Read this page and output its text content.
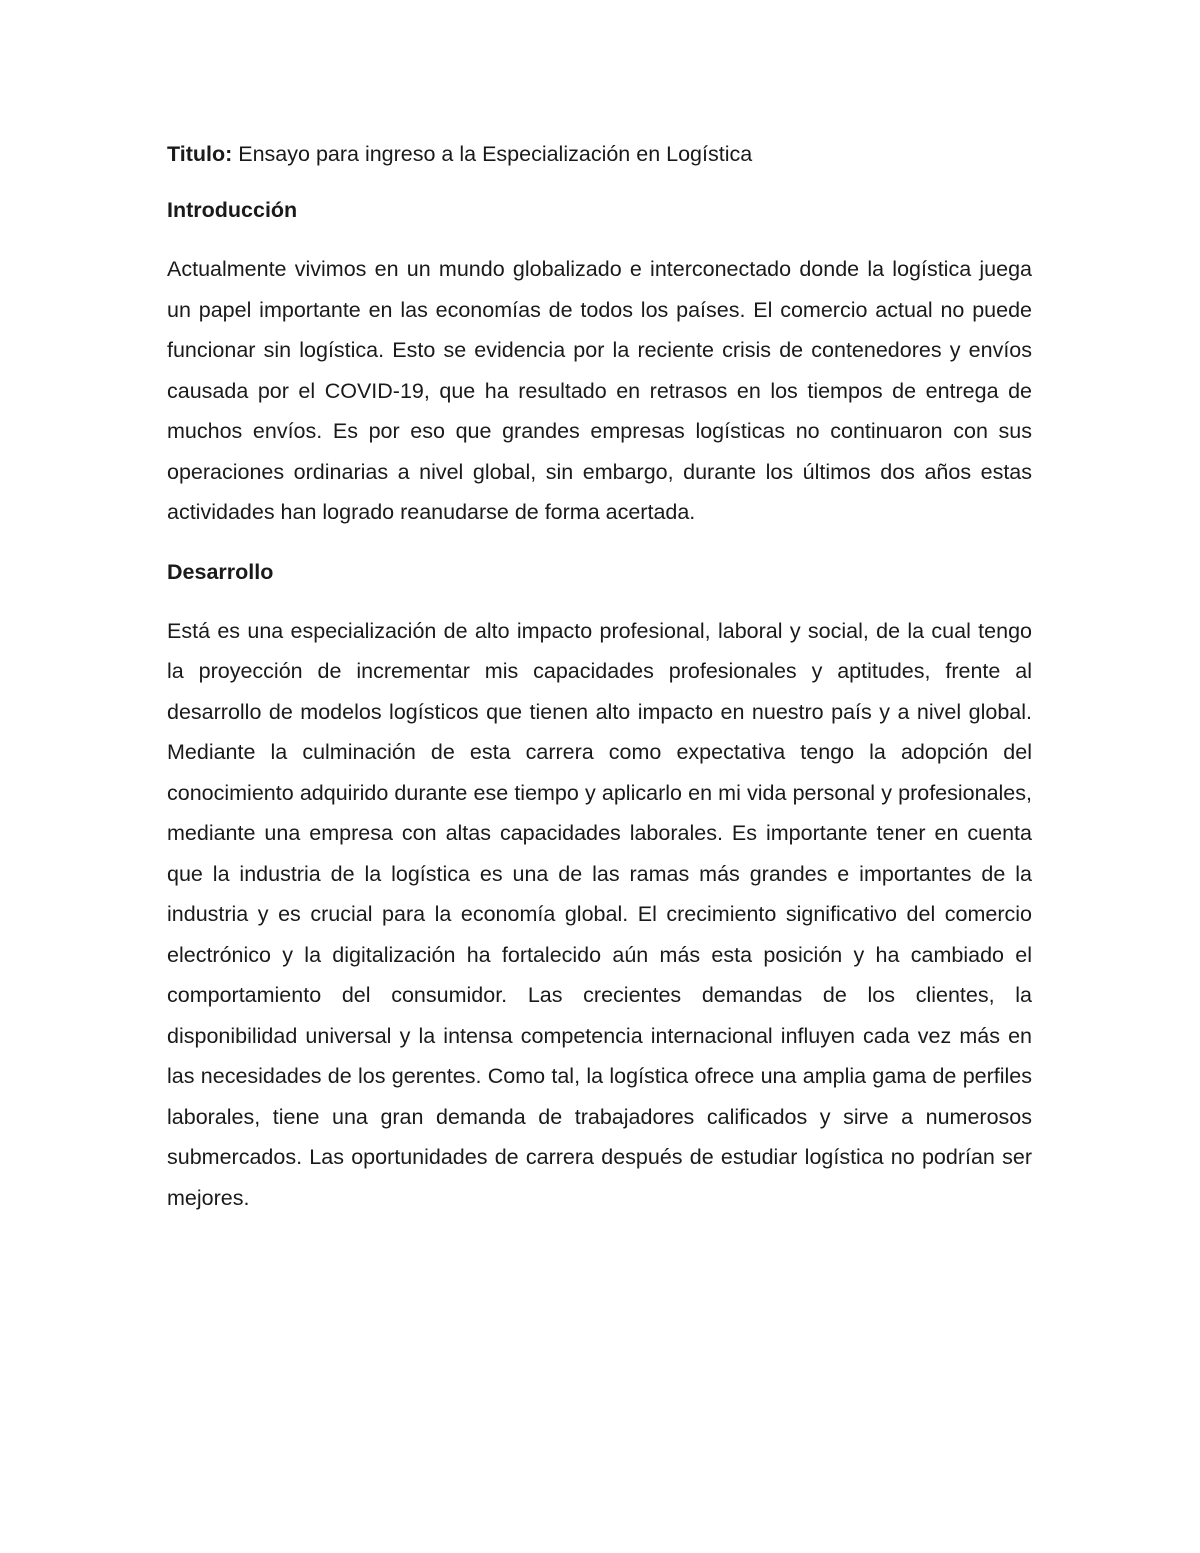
Titulo: Ensayo para ingreso a la Especialización en Logística

Introducción

Actualmente vivimos en un mundo globalizado e interconectado donde la logística juega un papel importante en las economías de todos los países. El comercio actual no puede funcionar sin logística. Esto se evidencia por la reciente crisis de contenedores y envíos causada por el COVID-19, que ha resultado en retrasos en los tiempos de entrega de muchos envíos. Es por eso que grandes empresas logísticas no continuaron con sus operaciones ordinarias a nivel global, sin embargo, durante los últimos dos años estas actividades han logrado reanudarse de forma acertada.

Desarrollo

Está es una especialización de alto impacto profesional, laboral y social, de la cual tengo la proyección de incrementar mis capacidades profesionales y aptitudes, frente al desarrollo de modelos logísticos que tienen alto impacto en nuestro país y a nivel global. Mediante la culminación de esta carrera como expectativa tengo la adopción del conocimiento adquirido durante ese tiempo y aplicarlo en mi vida personal y profesionales, mediante una empresa con altas capacidades laborales. Es importante tener en cuenta que la industria de la logística es una de las ramas más grandes e importantes de la industria y es crucial para la economía global. El crecimiento significativo del comercio electrónico y la digitalización ha fortalecido aún más esta posición y ha cambiado el comportamiento del consumidor. Las crecientes demandas de los clientes, la disponibilidad universal y la intensa competencia internacional influyen cada vez más en las necesidades de los gerentes. Como tal, la logística ofrece una amplia gama de perfiles laborales, tiene una gran demanda de trabajadores calificados y sirve a numerosos submercados. Las oportunidades de carrera después de estudiar logística no podrían ser mejores.
